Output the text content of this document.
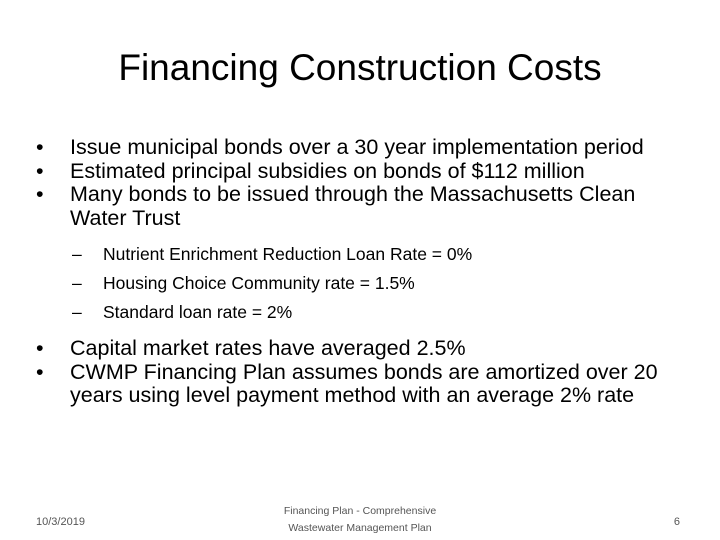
Financing Construction Costs
• Issue municipal bonds over a 30 year implementation period
• Estimated principal subsidies on bonds of $112 million
• Many bonds to be issued through the Massachusetts Clean Water Trust
– Nutrient Enrichment Reduction Loan Rate = 0%
– Housing Choice Community rate = 1.5%
– Standard loan rate = 2%
• Capital market rates have averaged 2.5%
• CWMP Financing Plan assumes bonds are amortized over 20 years using level payment method with an average 2% rate
10/3/2019
Financing Plan - Comprehensive
Wastewater Management Plan	6
